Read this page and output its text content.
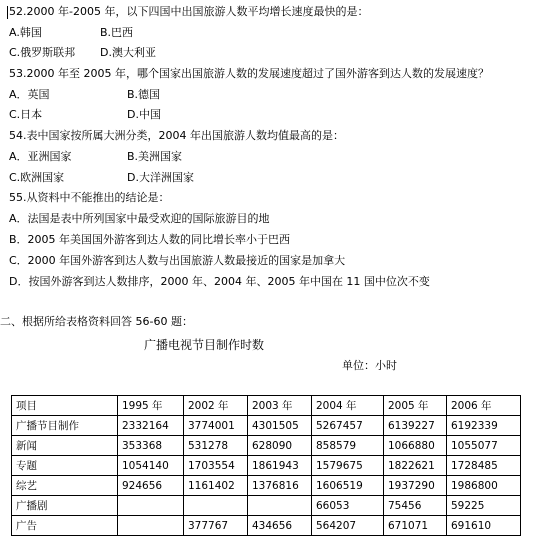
52.2000 年-2005 年，以下四国中出国旅游人数平均增长速度最快的是：
A.韩国	B.巴西
C.俄罗斯联邦 D.澳大利亚
53.2000 年至 2005 年，哪个国家出国旅游人数的发展速度超过了国外游客到达人数的发展速度？
A．英国	B.德国
C.日本	D.中国
54.表中国家按所属大洲分类，2004 年出国旅游人数均值最高的是：
A．亚洲国家	B.美洲国家
C.欧洲国家	D.大洋洲国家
55.从资料中不能推出的结论是：
A．法国是表中所列国家中最受欢迎的国际旅游目的地
B．2005 年美国国外游客到达人数的同比增长率小于巴西
C．2000 年国外游客到达人数与出国旅游人数最接近的国家是加拿大
D．按国外游客到达人数排序，2000 年、2004 年、2005 年中国在 11 国中位次不变
二、根据所给表格资料回答 56-60 题：
广播电视节目制作时数
单位：小时
项目	1995 年	2002 年	2003 年	2004 年	2005 年	2006 年
广播节目制作	2332164	3774001	4301505	5267457	6139227	6192339
新闻	353368	531278	628090	858579	1066880	1055077
专题	1054140	1703554	1861943	1579675	1822621	1728485
综艺	924656	1161402	1376816	1606519	1937290	1986800
广播剧				66053	75456	59225
广告		377767	434656	564207	671071	691610
